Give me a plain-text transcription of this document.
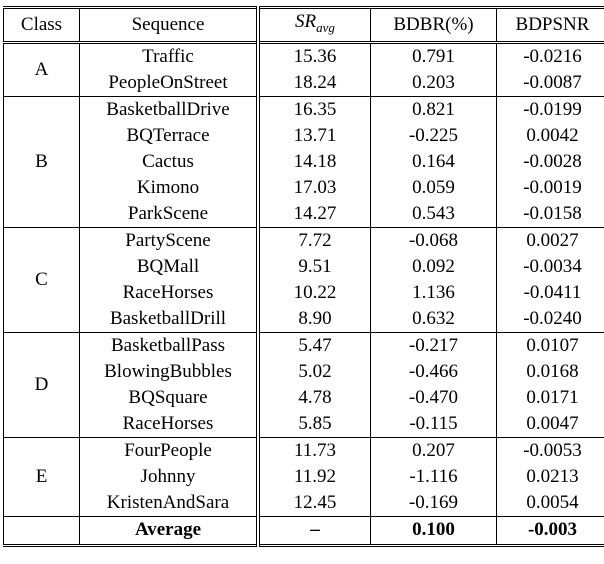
Class	Sequence	$SR_{avg}$	BDBR(%)	BDPSNR
A	Traffic	15.36	0.791	-0.0216
	PeopleOnStreet	18.24	0.203	-0.0087
B	BasketballDrive	16.35	0.821	-0.0199
	BQTerrace	13.71	-0.225	0.0042
	Cactus	14.18	0.164	-0.0028
	Kimono	17.03	0.059	-0.0019
	ParkScene	14.27	0.543	-0.0158
C	PartyScene	7.72	-0.068	0.0027
	BQMall	9.51	0.092	-0.0034
	RaceHorses	10.22	1.136	-0.0411
	BasketballDrill	8.90	0.632	-0.0240
D	BasketballPass	5.47	-0.217	0.0107
	BlowingBubbles	5.02	-0.466	0.0168
	BQSquare	4.78	-0.470	0.0171
	RaceHorses	5.85	-0.115	0.0047
E	FourPeople	11.73	0.207	-0.0053
	Johnny	11.92	-1.116	0.0213
	KristenAndSara	12.45	-0.169	0.0054
	Average	–	0.100	-0.003
